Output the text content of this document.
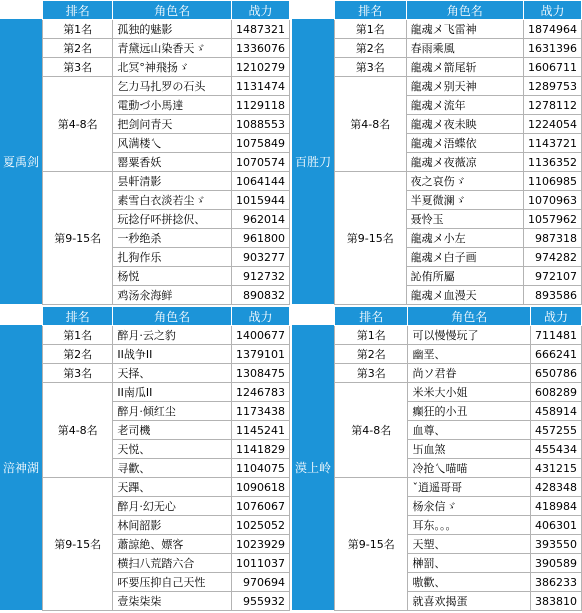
夏禹剑
排名	角色名	战力
第1名	孤独的魅影	1487321
第2名	青黛远山染香天ゞ	1336076
第3名	北冥°神飛扬ゞ	1210279
第4-8名	乞力马扎罗の石头	1131474
	電動づ小馬達	1129118
	把剑问青天	1088553
	风满楼乀	1075849
	罂粟香妖	1070574
第9-15名	昙軒清影	1064144
	素雪白衣淡若尘ゞ	1015944
	玩捻仔吥拼捻伬、	962014
	一秒绝杀	961800
	扎狗作乐	903277
	杨悦	912732
	鸡汤氽海鲜	890832
百胜刀
排名	角色名	战力
第1名	龍魂メ飞雷神	1874964
第2名	春雨乘風	1631396
第3名	龍魂メ箭尾斩	1606711
第4-8名	龍魂メ别天神	1289753
	龍魂メ流年	1278112
	龍魂メ夜未眏	1224054
	龍魂メ浯蝶依	1143721
	龍魂メ夜薇凉	1136352
第9-15名	夜之哀伤ゞ	1106985
	半夏微澜ゞ	1070963
	聂怜玉	1057962
	龍魂メ小左	987318
	龍魂メ白子画	974282
	訫侑所屬	972107
	龍魂メ血漫天	893586
涪神湖
排名	角色名	战力
第1名	醉月·云之豹	1400677
第2名	II战争II	1379101
第3名	天择、	1308475
第4-8名	II南瓜II	1246783
	醉月·倾红尘	1173438
	老司機	1145241
	天悦、	1141829
	寻歡、	1104075
第9-15名	天蹕、	1090618
	醉月·幻无心	1076067
	林间韶影	1025052
	蕭諒絶、嫖客	1023929
	横扫八荒踏六合	1011037
	吥要压抑自己天性	970694
	壹柒柒柒	955932
漠上岭
排名	角色名	战力
第1名	可以慢慢玩了	711481
第2名	幽垩、	666241
第3名	尚ソ君眷	650786
第4-8名	米米大小姐	608289
	癫狂的小丑	458914
	血尊、	457255
	卐血煞	455434
	冷抢乀喵喵	431215
第9-15名	ˇ逍遥哥哥	428348
	杨氽信ゞ	418984
	耳东。。。	406301
	天塑、	393550
	榊罰、	390589
	嗷歡、	386233
	就喜欢揭蛋	383810
